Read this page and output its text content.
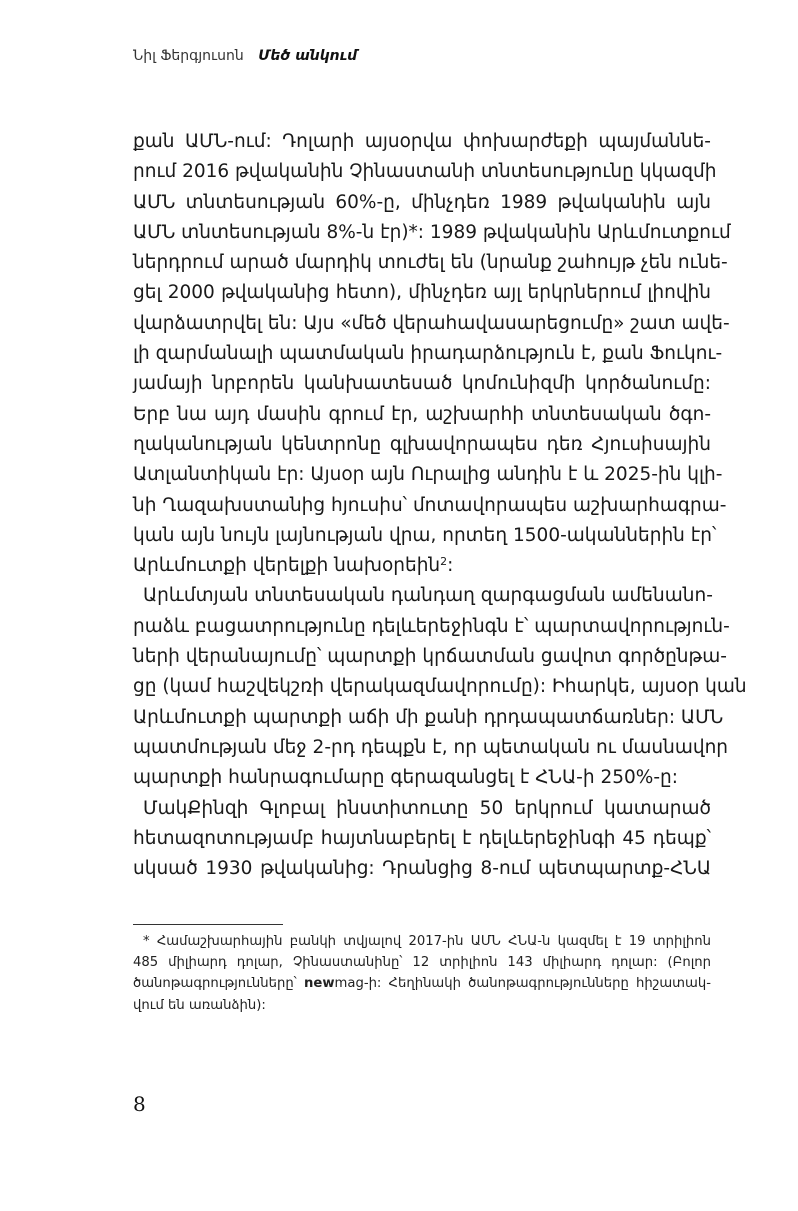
Նիլ Ֆերգյուսոն Մեծ անկում
քան ԱՄՆ-ում: Դոլարի այսօրվա փոխարժեքի պայմաննե-
րում 2016 թվականին Չինաստանի տնտեսությունը կկազմի
ԱՄՆ տնտեսության 60%-ը, մինչդեռ 1989 թվականին այն
ԱՄՆ տնտեսության 8%-ն էր)*: 1989 թվականին Արևմուտքում
ներդրում արած մարդիկ տուժել են (նրանք շահույթ չեն ունե-
ցել 2000 թվականից հետո), մինչդեռ այլ երկրներում լիովին
վարձատրվել են: Այս «մեծ վերահավասարեցումը» շատ ավե-
լի զարմանալի պատմական իրադարձություն է, քան Ֆուկու-
յամայի նրբորեն կանխատեսած կոմունիզմի կործանումը:
Երբ նա այդ մասին գրում էր, աշխարհի տնտեսական ծգո-
ղականության կենտրոնը գլխավորապես դեռ Հյուսիսային
Ատլանտիկան էր: Այսօր այն Ուրալից անդին է և 2025-ին կլի-
նի Ղազախստանից հյուսիս՝ մոտավորապես աշխարհագրա-
կան այն նույն լայնության վրա, որտեղ 1500-ականներին էր՝
Արևմուտքի վերելքի նախօրեին$^2$:
Արևմտյան տնտեսական դանդաղ զարգացման ամենանո-
րաձև բացատրությունը դելևերեջինգն է՝ պարտավորություն-
ների վերանայումը՝ պարտքի կրճատման ցավոտ գործընթա-
ցը (կամ հաշվեկշռի վերակազմավորումը): Իհարկե, այսօր կան
Արևմուտքի պարտքի աճի մի քանի դրդապատճառներ: ԱՄՆ
պատմության մեջ 2-րդ դեպքն է, որ պետական ու մասնավոր
պարտքի հանրագումարը գերազանցել է ՀՆԱ-ի 250%-ը:
ՄակՔինզի Գլոբալ ինստիտուտը 50 երկրում կատարած
հետազոտությամբ հայտնաբերել է դելևերեջինգի 45 դեպք՝
սկսած 1930 թվականից: Դրանցից 8-ում պետպարտք-ՀՆԱ
* Համաշխարհային բանկի տվյալով 2017-ին ԱՄՆ ՀՆԱ-ն կազմել է 19 տրիլիոն
485 միլիարդ դոլար, Չինաստանինը՝ 12 տրիլիոն 143 միլիարդ դոլար: (Բոլոր
ծանոթագրությունները՝ newmag-ի: Հեղինակի ծանոթագրությունները հիշատակ-
վում են առանձին):
8
